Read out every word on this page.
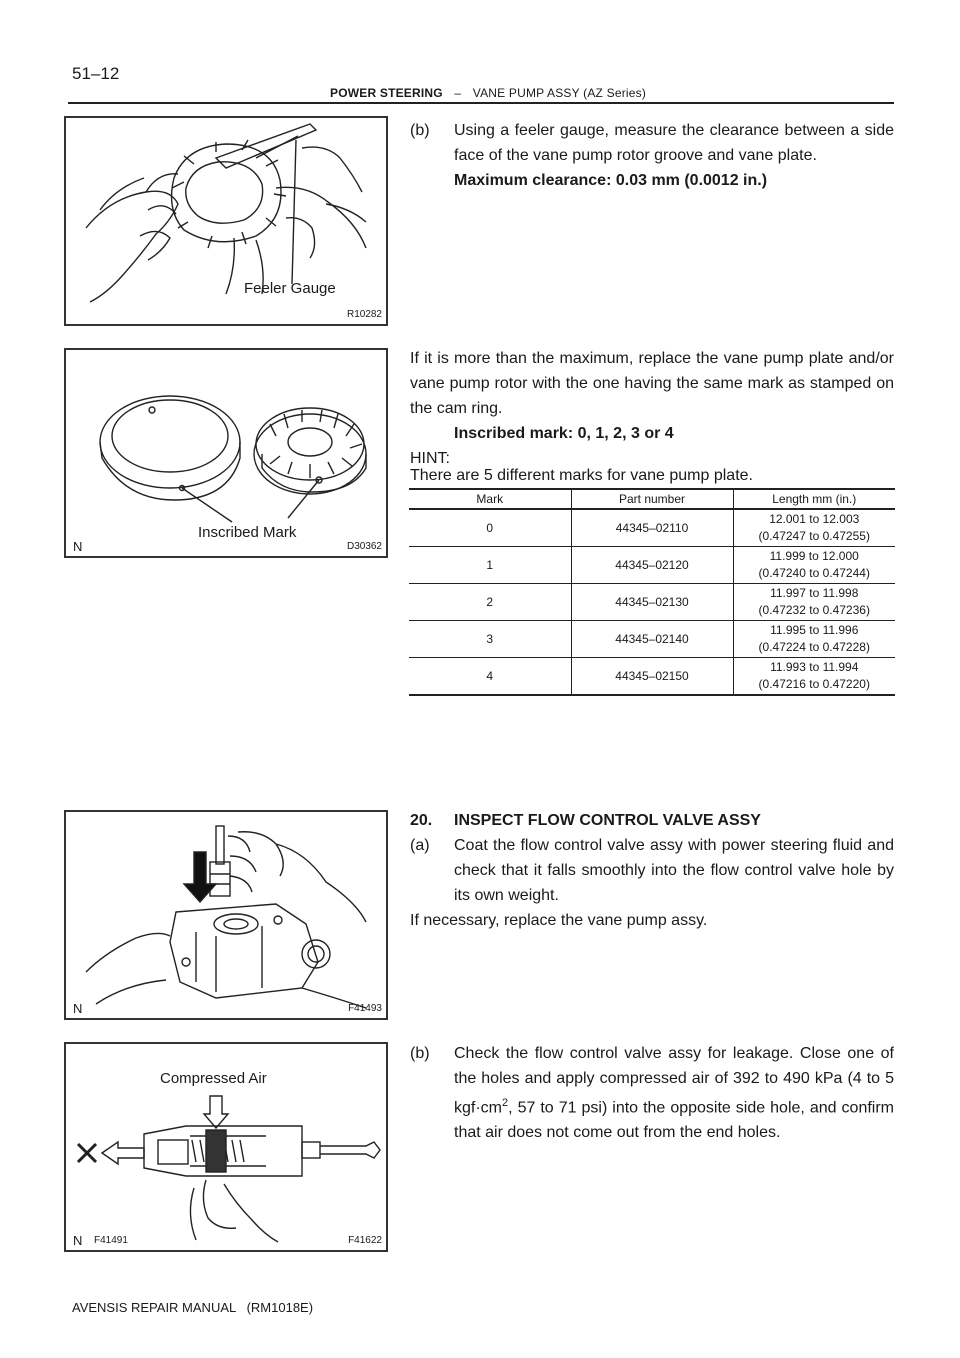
51–12
POWER STEERING – VANE PUMP ASSY (AZ Series)
Feeler Gauge
R10282
Inscribed Mark
N	D30362
N	F41493
Compressed Air
N F41491	F41622
(b) Using a feeler gauge, measure the clearance between a side face of the vane pump rotor groove and vane plate.
Maximum clearance: 0.03 mm (0.0012 in.)
If it is more than the maximum, replace the vane pump plate and/or vane pump rotor with the one having the same mark as stamped on the cam ring.
Inscribed mark: 0, 1, 2, 3 or 4
HINT:
There are 5 different marks for vane pump plate.
Mark	Part number	Length mm (in.)
0	44345–02110	12.001 to 12.003
(0.47247 to 0.47255)
1	44345–02120	11.999 to 12.000
(0.47240 to 0.47244)
2	44345–02130	11.997 to 11.998
(0.47232 to 0.47236)
3	44345–02140	11.995 to 11.996
(0.47224 to 0.47228)
4	44345–02150	11.993 to 11.994
(0.47216 to 0.47220)
20. INSPECT FLOW CONTROL VALVE ASSY
(a) Coat the flow control valve assy with power steering fluid and check that it falls smoothly into the flow control valve hole by its own weight.
If necessary, replace the vane pump assy.
(b) Check the flow control valve assy for leakage. Close one of the holes and apply compressed air of 392 to 490 kPa (4 to 5 $kgf\cdot cm^2$, 57 to 71 psi) into the opposite side hole, and confirm that air does not come out from the end holes.
AVENSIS REPAIR MANUAL   (RM1018E)
